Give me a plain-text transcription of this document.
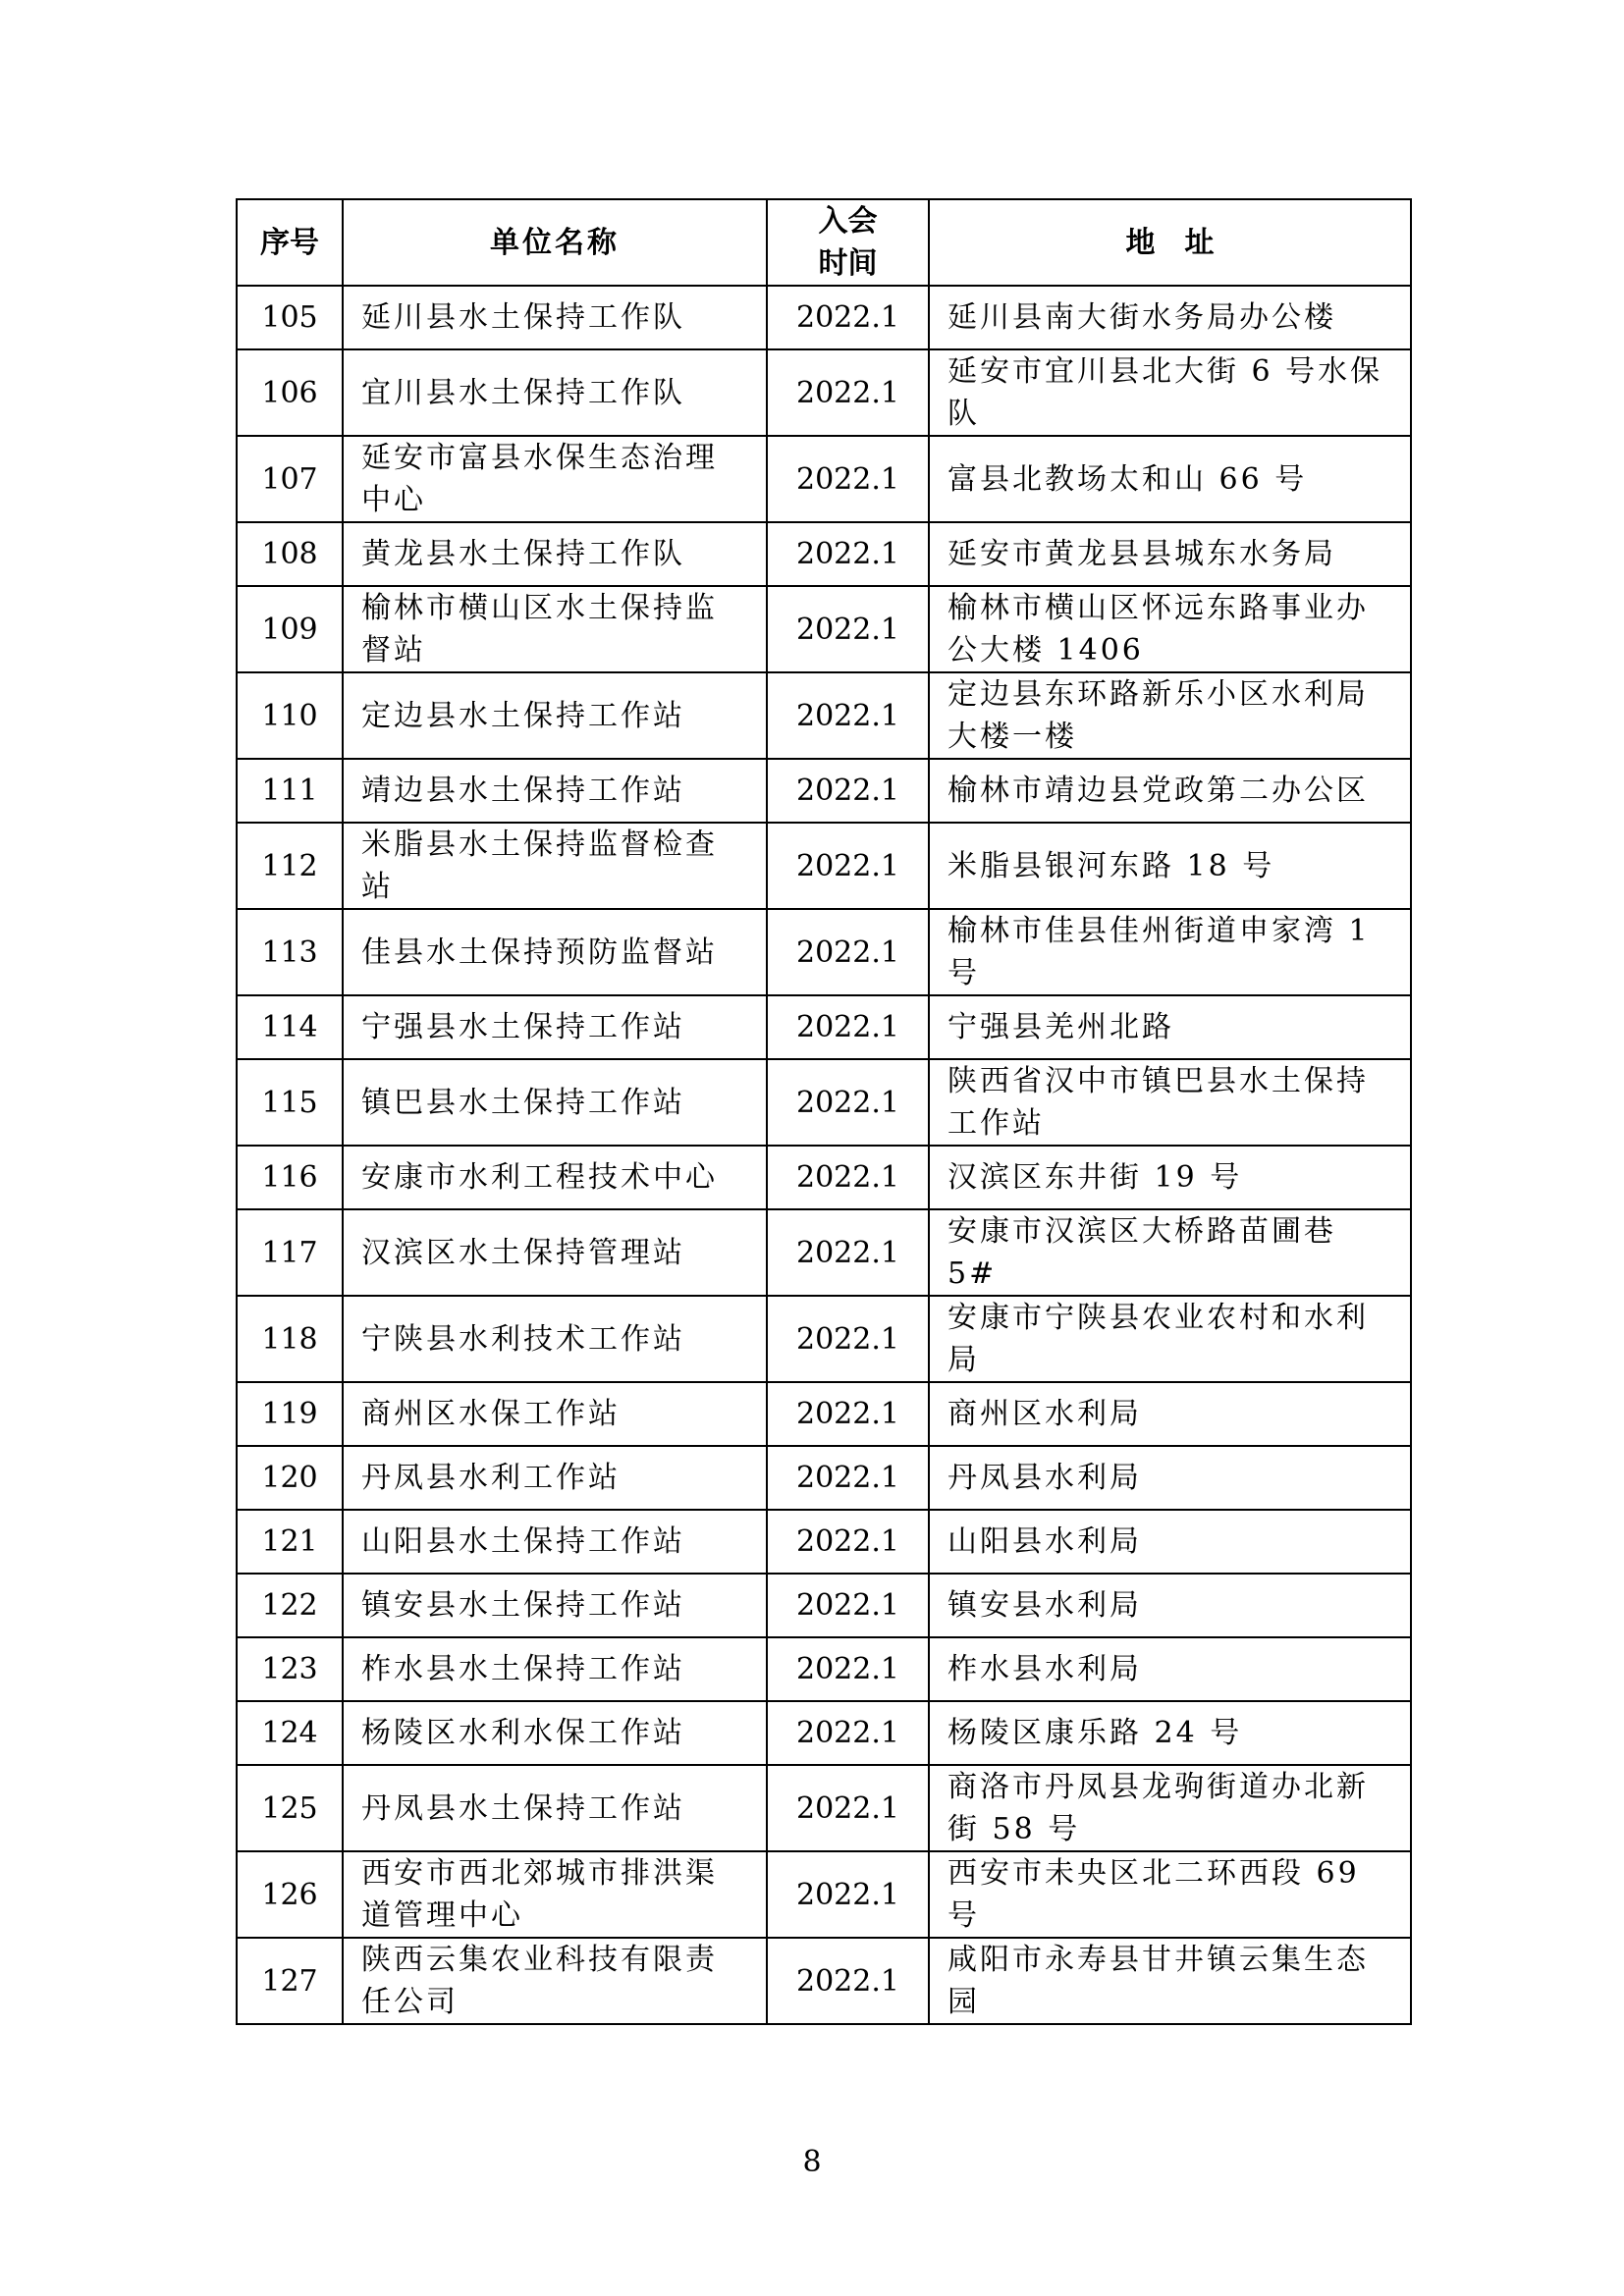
序号	单位名称	入会时间	地　址
105	延川县水土保持工作队	2022.1	延川县南大街水务局办公楼
106	宜川县水土保持工作队	2022.1	延安市宜川县北大街 6 号水保队
107	延安市富县水保生态治理中心	2022.1	富县北教场太和山 66 号
108	黄龙县水土保持工作队	2022.1	延安市黄龙县县城东水务局
109	榆林市横山区水土保持监督站	2022.1	榆林市横山区怀远东路事业办公大楼 1406
110	定边县水土保持工作站	2022.1	定边县东环路新乐小区水利局大楼一楼
111	靖边县水土保持工作站	2022.1	榆林市靖边县党政第二办公区
112	米脂县水土保持监督检查站	2022.1	米脂县银河东路 18 号
113	佳县水土保持预防监督站	2022.1	榆林市佳县佳州街道申家湾 1 号
114	宁强县水土保持工作站	2022.1	宁强县羌州北路
115	镇巴县水土保持工作站	2022.1	陕西省汉中市镇巴县水土保持工作站
116	安康市水利工程技术中心	2022.1	汉滨区东井街 19 号
117	汉滨区水土保持管理站	2022.1	安康市汉滨区大桥路苗圃巷 5#
118	宁陕县水利技术工作站	2022.1	安康市宁陕县农业农村和水利局
119	商州区水保工作站	2022.1	商州区水利局
120	丹凤县水利工作站	2022.1	丹凤县水利局
121	山阳县水土保持工作站	2022.1	山阳县水利局
122	镇安县水土保持工作站	2022.1	镇安县水利局
123	柞水县水土保持工作站	2022.1	柞水县水利局
124	杨陵区水利水保工作站	2022.1	杨陵区康乐路 24 号
125	丹凤县水土保持工作站	2022.1	商洛市丹凤县龙驹街道办北新街 58 号
126	西安市西北郊城市排洪渠道管理中心	2022.1	西安市未央区北二环西段 69 号
127	陕西云集农业科技有限责任公司	2022.1	咸阳市永寿县甘井镇云集生态园
8
